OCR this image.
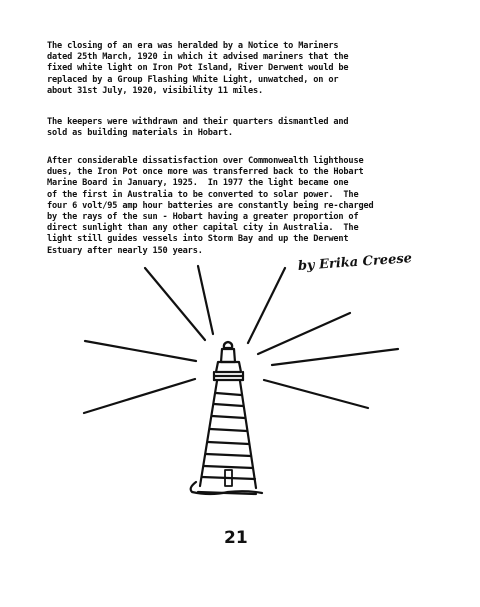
The closing of an era was heralded by a Notice to Mariners
dated 25th March, 1920 in which it advised mariners that the
fixed white light on Iron Pot Island, River Derwent would be
replaced by a Group Flashing White Light, unwatched, on or
about 31st July, 1920, visibility 11 miles.

The keepers were withdrawn and their quarters dismantled and
sold as building materials in Hobart.

After considerable dissatisfaction over Commonwealth lighthouse
dues, the Iron Pot once more was transferred back to the Hobart
Marine Board in January, 1925.  In 1977 the light became one
of the first in Australia to be converted to solar power.  The
four 6 volt/95 amp hour batteries are constantly being re-charged
by the rays of the sun - Hobart having a greater proportion of
direct sunlight than any other capital city in Australia.  The
light still guides vessels into Storm Bay and up the Derwent
Estuary after nearly 150 years.

by Erika Creese
21
